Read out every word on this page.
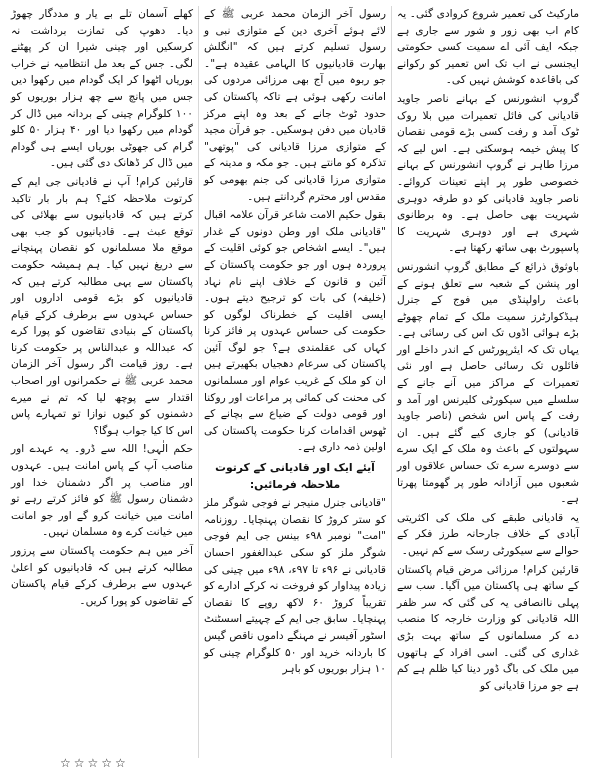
مارکیٹ کی تعمیر شروع کروادی گئی۔ یہ کام اب بھی زور و شور سے جاری ہے جبکہ ایف آئی اے سمیت کسی حکومتی ایجنسی نے اب تک اس تعمیر کو رکوانے کی باقاعدہ کوشش نہیں کی۔

گروپ انشورنس کے بہانے ناصر جاوید قادیانی کی فائل تعمیرات میں بلا روک ٹوک آمد و رفت کسی بڑے قومی نقصان کا پیش خیمہ ہوسکتی ہے۔ اس لیے کہ مرزا طاہر نے گروپ انشورنس کے بہانے خصوصی طور پر اپنے تعینات کروائے۔ ناصر جاوید قادیانی کو دو طرفہ دوہری شہریت بھی حاصل ہے۔ وہ برطانوی شہری ہے اور دوہری شہریت کا پاسپورٹ بھی ساتھ رکھتا ہے۔

باوثوق ذرائع کے مطابق گروپ انشورنس اور پنشن کے شعبہ سے تعلق ہونے کے باعث راولپنڈی میں فوج کے جنرل ہیڈکوارٹرز سمیت ملک کے تمام چھوٹے بڑے ہوائی اڈوں تک اس کی رسائی ہے۔ یہاں تک کہ ایئرپورٹس کے اندر داخلے اور فائلوں تک رسائی حاصل ہے اور نئی تعمیرات کے مراکز میں آنے جانے کے سلسلے میں سیکورٹی کلیرنس اور آمد و رفت کے پاس اس شخص (ناصر جاوید قادیانی) کو جاری کیے گئے ہیں۔ ان سہولتوں کے باعث وہ ملک کے ایک سرے سے دوسرے سرے تک حساس علاقوں اور شعبوں میں آزادانہ طور پر گھومتا پھرتا ہے۔

یہ قادیانی طبقے کی ملک کی اکثریتی آبادی کے خلاف جارحانہ طرز فکر کے حوالے سے سیکورٹی رسک سے کم نہیں۔

قارئین کرام! مرزائی مرض قیام پاکستان کے ساتھ ہی پاکستان میں آگیا۔ سب سے پہلی ناانصافی یہ کی گئی کہ سر ظفر اللہ قادیانی کو وزارت خارجہ کا منصب دے کر مسلمانوں کے ساتھ بہت بڑی غداری کی گئی۔ اسی افراد کے ہاتھوں میں ملک کی باگ ڈور دینا کیا ظلم ہے کم ہے جو مرزا قادیانی کو

رسول آخر الزمان محمد عربی ﷺ کے لائے ہوئے آخری دین کے متوازی نبی و رسول تسلیم کرتے ہیں کہ "انگلش بھارت قادیانیوں کا الہامی عقیدہ ہے"۔ جو ربوہ میں آج بھی مرزائی مردوں کی امانت رکھی ہوئی ہے تاکہ پاکستان کی حدود ٹوٹ جانے کے بعد وہ اپنے مرکز قادیان میں دفن ہوسکیں۔ جو قرآن مجید کے متوازی مرزا قادیانی کی "پوتھی" تذکرہ کو مانتے ہیں۔ جو مکہ و مدینہ کے متوازی مرزا قادیانی کی جنم بھومی کو مقدس اور محترم گردانتے ہیں۔

بقول حکیم الامت شاعر قرآن علامہ اقبال "قادیانی ملک اور وطن دونوں کے غدار ہیں"۔ ایسے اشخاص جو کوئی اقلیت کے پروردہ ہوں اور جو حکومت پاکستان کے آئین و قانون کے خلاف اپنے نام نہاد (خلیفہ) کی بات کو ترجیح دیتے ہوں۔ ایسی اقلیت کے خطرناک لوگوں کو حکومت کی حساس عہدوں پر فائز کرنا کہاں کی عقلمندی ہے؟ جو لوگ آئین پاکستان کی سرعام دھجیاں بکھیرتے ہیں ان کو ملک کے غریب عوام اور مسلمانوں کی محنت کی کمائی پر مراعات اور روکنا اور قومی دولت کے ضیاع سے بچانے کے ٹھوس اقدامات کرنا حکومت پاکستان کی اولین ذمہ داری ہے۔

آیئے ایک اور قادیانی کے کرتوت ملاحظہ فرمائیں:

"قادیانی جنرل منیجر نے فوجی شوگر ملز کو ستر کروڑ کا نقصان پہنچایا۔ روزنامہ "امت" نومبر ۹۸ء بینس جی ایم فوجی شوگر ملز کو سکی عبدالغفور احسان قادیانی نے ۹۶ء تا ۹۷ء، ۹۸ء میں چینی کی زیادہ پیداوار کو فروخت نہ کرکے ادارے کو تقریباً کروڑ ۶۰ لاکھ روپے کا نقصان پہنچایا۔ سابق جی ایم کے چہیتے اسسٹنٹ اسٹور آفیسر نے مہنگے داموں ناقص گیس کا باردانہ خرید اور ۵۰ کلوگرام چینی کو ۱۰ ہزار بوریوں کو باہر

کھلے آسمان تلے بے یار و مددگار چھوڑ دیا۔ دھوپ کی تمازت برداشت نہ کرسکیں اور چینی شیرا ان کر پھٹنے لگی۔ جس کے بعد مل انتظامیہ نے خراب بوریاں اٹھوا کر ایک گودام میں رکھوا دیں جس میں پانچ سے چھ ہزار بوریوں کو ۱۰۰ کلوگرام چینی کے بردانہ میں ڈال کر گودام میں رکھوا دیا اور ۴۰ ہزار ۵۰ کلو گرام کی جھوٹی بوریاں ایسے ہی گودام میں ڈال کر ڈھانک دی گئی ہیں۔

قارئین کرام! آپ نے قادیانی جی ایم کے کرتوت ملاحظہ کئے؟ ہم بار بار تاکید کرتے ہیں کہ قادیانیوں سے بھلائی کی توقع عبث ہے۔ قادیانیوں کو جب بھی موقع ملا مسلمانوں کو نقصان پہنچانے سے دریغ نہیں کیا۔ ہم ہمیشہ حکومت پاکستان سے یہی مطالبہ کرتے ہیں کہ قادیانیوں کو بڑے قومی اداروں اور حساس عہدوں سے برطرف کرکے قیام پاکستان کے بنیادی تقاضوں کو پورا کرے کہ عبداللہ و عبدالناس پر حکومت کرنا ہے۔ روز قیامت اگر رسول آخر الزمان محمد عربی ﷺ نے حکمرانوں اور اصحاب اقتدار سے پوچھ لیا کہ تم نے میرے دشمنوں کو کیوں نوازا تو تمہارے پاس اس کا کیا جواب ہوگا؟

حکم الٰہی! اللہ سے ڈرو۔ یہ عہدے اور مناصب آپ کے پاس امانت ہیں۔ عہدوں اور مناصب پر اگر دشمنان خدا اور دشمنان رسول ﷺ کو فائز کرتے رہے تو امانت میں خیانت کرو گے اور جو امانت میں خیانت کرے وہ مسلمان نہیں۔

آخر میں ہم حکومت پاکستان سے پرزور مطالبہ کرتے ہیں کہ قادیانیوں کو اعلیٰ عہدوں سے برطرف کرکے قیام پاکستان کے تقاضوں کو پورا کریں۔

☆☆☆☆☆
